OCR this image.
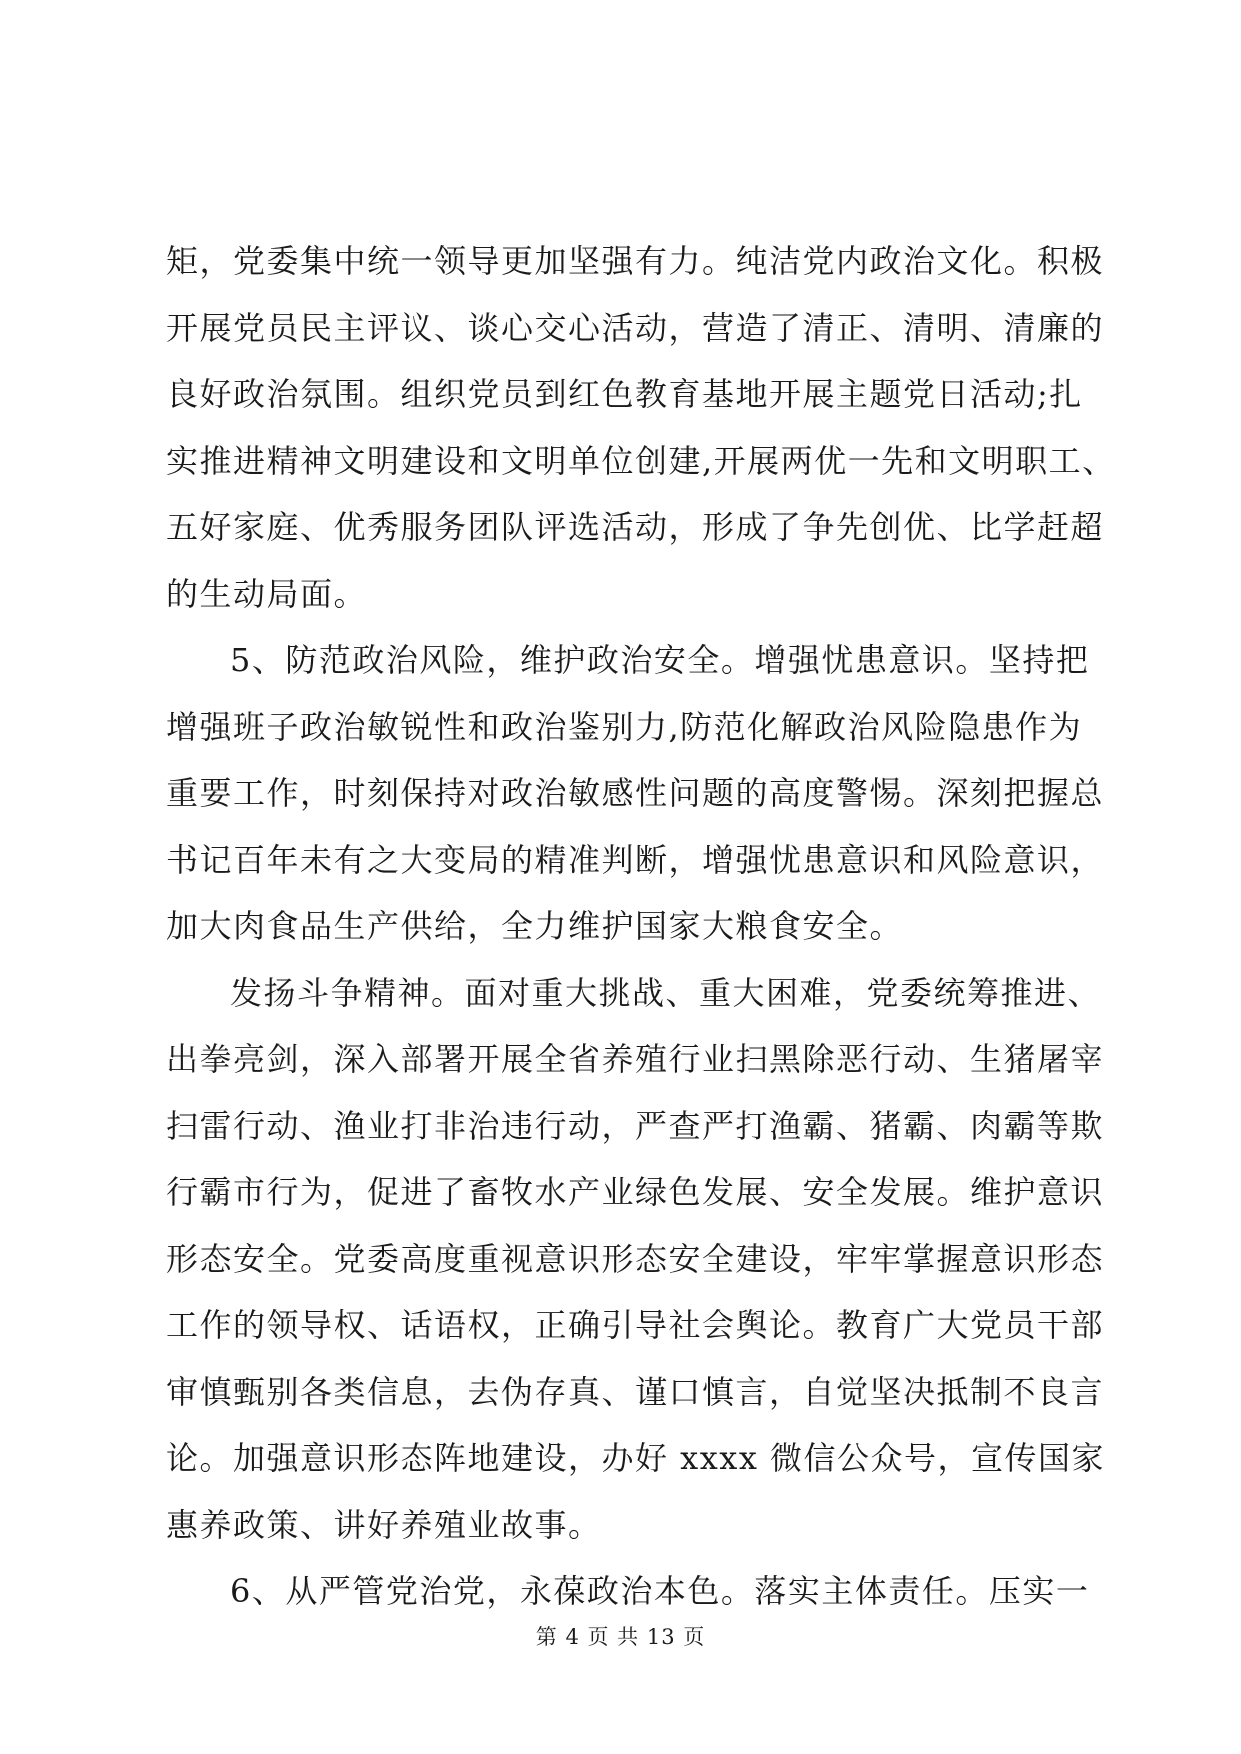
矩，党委集中统一领导更加坚强有力。纯洁党内政治文化。积极
开展党员民主评议、谈心交心活动，营造了清正、清明、清廉的
良好政治氛围。组织党员到红色教育基地开展主题党日活动;扎
实推进精神文明建设和文明单位创建,开展两优一先和文明职工、
五好家庭、优秀服务团队评选活动，形成了争先创优、比学赶超
的生动局面。
5、防范政治风险，维护政治安全。增强忧患意识。坚持把
增强班子政治敏锐性和政治鉴别力,防范化解政治风险隐患作为
重要工作，时刻保持对政治敏感性问题的高度警惕。深刻把握总
书记百年未有之大变局的精准判断，增强忧患意识和风险意识，
加大肉食品生产供给，全力维护国家大粮食安全。
发扬斗争精神。面对重大挑战、重大困难，党委统筹推进、
出拳亮剑，深入部署开展全省养殖行业扫黑除恶行动、生猪屠宰
扫雷行动、渔业打非治违行动，严查严打渔霸、猪霸、肉霸等欺
行霸市行为，促进了畜牧水产业绿色发展、安全发展。维护意识
形态安全。党委高度重视意识形态安全建设，牢牢掌握意识形态
工作的领导权、话语权，正确引导社会舆论。教育广大党员干部
审慎甄别各类信息，去伪存真、谨口慎言，自觉坚决抵制不良言
论。加强意识形态阵地建设，办好 xxxx 微信公众号，宣传国家
惠养政策、讲好养殖业故事。
6、从严管党治党，永葆政治本色。落实主体责任。压实一
第 4 页 共 13 页
